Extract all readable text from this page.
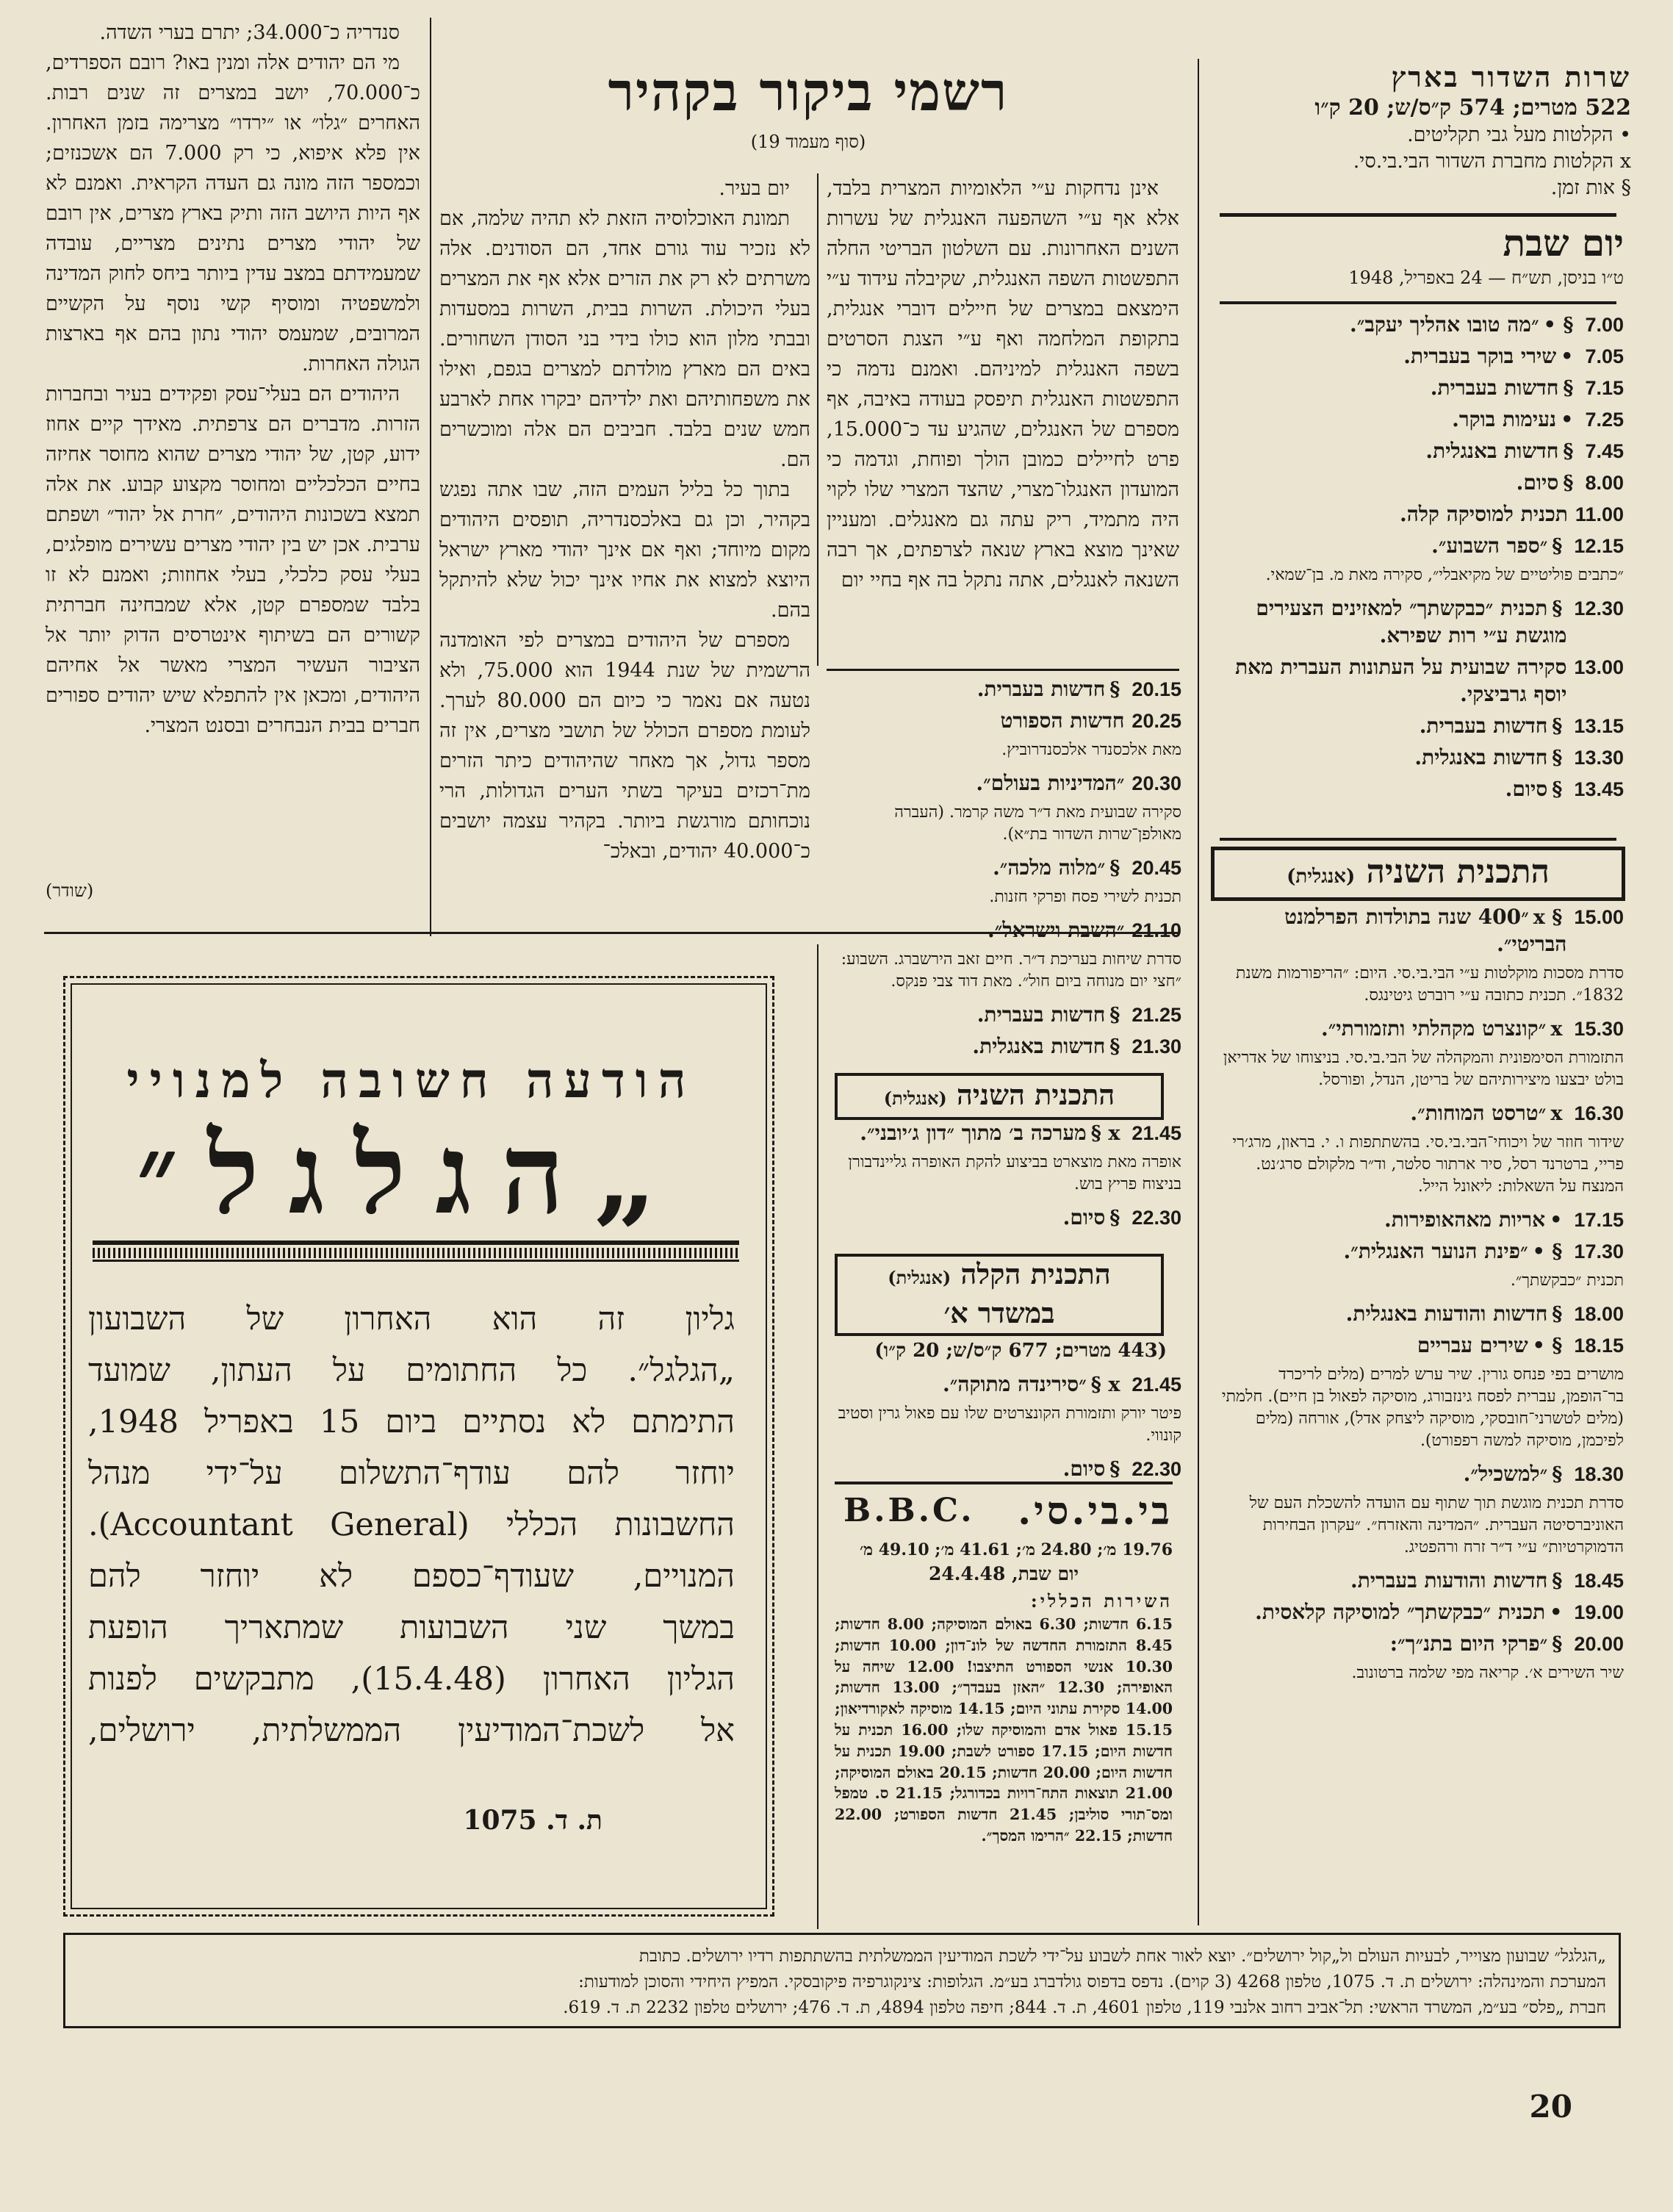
שרות השדור בארץ
522 מטרים; 574 ק״ס/ש; 20 ק״ו
• הקלטות מעל גבי תקליטים.
x הקלטות מחברת השדור הבי.בי.סי.
§ אות זמן.
יום שבת
ט״ו בניסן, תש״ח — 24 באפריל, 1948
7.00
§ •״מה טובו אהליך יעקב״.
7.05
•שירי בוקר בעברית.
7.15
§חדשות בעברית.
7.25
•נעימות בוקר.
7.45
§חדשות באנגלית.
8.00
§סיום.
11.00
תכנית למוסיקה קלה.
12.15
§״ספר השבוע״.
״כתבים פוליטיים של מקיאבלי״, סקירה מאת מ. בן־שמאי.
12.30
§תכנית ״כבקשתך״ למאזינים הצעירים מוגשת ע״י רות שפירא.
13.00
סקירה שבועית על העתונות העברית מאת יוסף גרביצקי.
13.15
§חדשות בעברית.
13.30
§חדשות באנגלית.
13.45
§סיום.
התכנית השניה (אנגלית)
15.00
§ x״400 שנה בתולדות הפרלמנט הבריטי״.
סדרת מסכות מוקלטות ע״י הבי.בי.סי. היום: ״הריפורמות משנת 1832״. תכנית כתובה ע״י רוברט גיטינגס.
15.30
x״קונצרט מקהלתי ותזמורתי״.
התזמורת הסימפונית והמקהלה של הבי.בי.סי. בניצוחו של אדריאן בולט יבצעו מיצירותיהם של בריטן, הנדל, ופורסל.
16.30
x״טרסט המוחות״.
שידור חוזר של ויכוחי־הבי.בי.סי. בהשתתפות ו. י. בראון, מרג׳רי פריי, ברטרנד רסל, סיר ארתור סלטר, וד״ר מלקולם סרג׳נט. המנצח על השאלות: ליאונל הייל.
17.15
•אריות מאהאופירות.
17.30
§ •״פינת הנוער האנגלית״.
תכנית ״כבקשתך״.
18.00
§חדשות והודעות באנגלית.
18.15
§ •שירים עבריים
מושרים בפי פנחס גורין. שיר ערש למרים (מלים לריכרד בר־הופמן, עברית לפסח גינזבורג, מוסיקה לפאול בן חיים). חלמתי (מלים לטשרני־חובסקי, מוסיקה ליצחק אדל), אורחה (מלים לפיכמן, מוסיקה למשה רפפורט).
18.30
§״למשכיל״.
סדרת תכנית מוגשת תוך שתוף עם הועדה להשכלת העם של האוניברסיטה העברית. ״המדינה והאזרח״. ״עקרון הבחירות הדמוקרטיות״ ע״י ד״ר זרח ורהפטיג.
18.45
§חדשות והודעות בעברית.
19.00
•תכנית ״כבקשתך״ למוסיקה קלאסית.
20.00
§״פרקי היום בתנ״ך״:
שיר השירים א׳. קריאה מפי שלמה ברטונוב.
רשמי ביקור בקהיר
(סוף מעמוד 19)

אינן נדחקות ע״י הלאומיות המצרית בלבד, אלא אף ע״י השהפעה האנגלית של עשרות השנים האחרונות. עם השלטון הבריטי החלה התפשטות השפה האנגלית, שקיבלה עידוד ע״י הימצאם במצרים של חיילים דוברי אנגלית, בתקופת המלחמה ואף ע״י הצגת הסרטים בשפה האנגלית למיניהם. ואמנם נדמה כי התפשטות האנגלית תיפסק בעודה באיבה, אף מספרם של האנגלים, שהגיע עד כ־15.000, פרט לחיילים כמובן הולך ופוחת, וגדמה כי המועדון האנגלו־מצרי, שהצד המצרי שלו לקוי היה מתמיד, ריק עתה גם מאנגלים. ומעניין שאינך מוצא בארץ שנאה לצרפתים, אך רבה השנאה לאנגלים, אתה נתקל בה אף בחיי יום

יום בעיר.

תמונת האוכלוסיה הזאת לא תהיה שלמה, אם לא נזכיר עוד גורם אחד, הם הסודנים. אלה משרתים לא רק את הזרים אלא אף את המצרים בעלי היכולת. השרות בבית, השרות במסעדות ובבתי מלון הוא כולו בידי בני הסודן השחורים. באים הם מארץ מולדתם למצרים בגפם, ואילו את משפחותיהם ואת ילדיהם יבקרו אחת לארבע חמש שנים בלבד. חביבים הם אלה ומוכשרים הם.

בתוך כל בליל העמים הזה, שבו אתה נפגש בקהיר, וכן גם באלכסנדריה, תופסים היהודים מקום מיוחד; ואף אם אינך יהודי מארץ ישראל היוצא למצוא את אחיו אינך יכול שלא להיתקל בהם.

מספרם של היהודים במצרים לפי האומדנה הרשמית של שנת 1944 הוא 75.000, ולא נטעה אם נאמר כי כיום הם 80.000 לערך. לעומת מספרם הכולל של תושבי מצרים, אין זה מספר גדול, אך מאחר שהיהודים כיתר הזרים מת־רכזים בעיקר בשתי הערים הגדולות, הרי נוכחותם מורגשת ביותר. בקהיר עצמה יושבים כ־40.000 יהודים, ובאלכ־

סנדריה כ־34.000; יתרם בערי השדה.

מי הם יהודים אלה ומנין באו? רובם הספרדים, כ־70.000, יושב במצרים זה שנים רבות. האחרים ״גלו״ או ״ירדו״ מצרימה בזמן האחרון. אין פלא איפוא, כי רק 7.000 הם אשכנזים; וכמספר הזה מונה גם העדה הקראית. ואמנם לא אף היות היושב הזה ותיק בארץ מצרים, אין רובם של יהודי מצרים נתינים מצריים, עובדה שמעמידתם במצב עדין ביותר ביחס לחוק המדינה ולמשפטיה ומוסיף קשי נוסף על הקשיים המרובים, שמעמס יהודי נתון בהם אף בארצות הגולה האחרות.

היהודים הם בעלי־עסק ופקידים בעיר ובחברות הזרות. מדברים הם צרפתית. מאידך קיים אחוז ידוע, קטן, של יהודי מצרים שהוא מחוסר אחיזה בחיים הכלכליים ומחוסר מקצוע קבוע. את אלה תמצא בשכונות היהודים, ״חרת אל יהוד״ ושפתם ערבית. אכן יש בין יהודי מצרים עשירים מופלגים, בעלי עסק כלכלי, בעלי אחוזות; ואמנם לא זו בלבד שמספרם קטן, אלא שמבחינה חברתית קשורים הם בשיתוף אינטרסים הדוק יותר אל הציבור העשיר המצרי מאשר אל אחיהם היהודים, ומכאן אין להתפלא שיש יהודים ספורים חברים בבית הנבחרים ובסנט המצרי.

(שודר)
20.15
§חדשות בעברית.
20.25
חדשות הספורט
מאת אלכסנדר אלכסנדרוביץ.
20.30
״המדיניות בעולם״.
סקירה שבועית מאת ד״ר משה קרמר. (העברה מאולפן־שרות השדור בת״א).
20.45
§״מלוה מלכה״.
תכנית לשירי פסח ופרקי חזנות.
21.10
״השבת וישראל״.
סדרת שיחות בעריכת ד״ר. חיים זאב הירשברג. השבוע: ״חצי יום מנוחה ביום חול״. מאת דוד צבי פנקס.
21.25
§חדשות בעברית.
21.30
§חדשות באנגלית.
התכנית השניה (אנגלית)
21.45
x §מערכה ב׳ מתוך ״דון ג׳יובני״.
אופרה מאת מוצארט בביצוע להקת האופרה גליינדבורן בניצוח פריץ בוש.
22.30
§סיום.
התכנית הקלה (אנגלית)
במשדר א׳
(443 מטרים; 677 ק״ס/ש; 20 ק״ו)
21.45
x §״סירינדה מתוקה״.
פיטר יורק ותזמורת הקונצרטים שלו עם פאול גרין וסטיב קונווי.
22.30
§סיום.
בי.בי.סי.
B.B.C.
19.76 מ׳; 24.80 מ׳; 41.61 מ׳; 49.10 מ׳
יום שבת, 24.4.48
השירות הכללי:
6.15 חדשות; 6.30 באולם המוסיקה; 8.00 חדשות; 8.45 התזמורת החדשה של לונ־דון; 10.00 חדשות; 10.30 אנשי הספורט התיצבו! 12.00 שיחה על האופירה; 12.30 ״האזן בעבדך״; 13.00 חדשות; 14.00 סקירת עתוני היום; 14.15 מוסיקה לאקורדיאון; 15.15 פאול אדם והמוסיקה שלו; 16.00 תכנית על חדשות היום; 17.15 ספורט לשבת; 19.00 תכנית על חדשות היום; 20.00 חדשות; 20.15 באולם המוסיקה; 21.00 תוצאות התח־רויות בכדורגל; 21.15 ס. טמפל ומס־תורי סוליבן; 21.45 חדשות הספורט; 22.00 חדשות; 22.15 ״הרימו המסך״.
הודעה חשובה למנויי
„הגלגל״
גליון זה הוא האחרון של השבועון
„הגלגל״. כל החתומים על העתון, שמועד
התימתם לא נסתיים ביום 15 באפריל 1948,
יוחזר להם עודף־התשלום על־ידי מנהל
החשבונות הכללי (Accountant General).
המנויים, שעודף־כספם לא יוחזר להם
במשך שני השבועות שמתאריך הופעת
הגליון האחרון (15.4.48), מתבקשים לפנות
אל לשכת־המודיעין הממשלתית, ירושלים,
ת. ד. 1075
„הגלגל״ שבועון מצוייר, לבעיות העולם ול„קול ירושלים״. יוצא לאור אחת לשבוע על־ידי לשכת המודיעין הממשלתית בהשתתפות רדיו ירושלים. כתובת
המערכת והמינהלה: ירושלים ת. ד. 1075, טלפון 4268 (3 קוים). נדפס בדפוס גולדברג בע״מ. הגלופות: צינקוגרפיה פיקובסקי. המפיץ היחידי והסוכן למודעות:
חברת „פלס״ בע״מ, המשרד הראשי: תל־אביב רחוב אלנבי 119, טלפון 4601, ת. ד. 844; חיפה טלפון 4894, ת. ד. 476; ירושלים טלפון 2232 ת. ד. 619.
20
